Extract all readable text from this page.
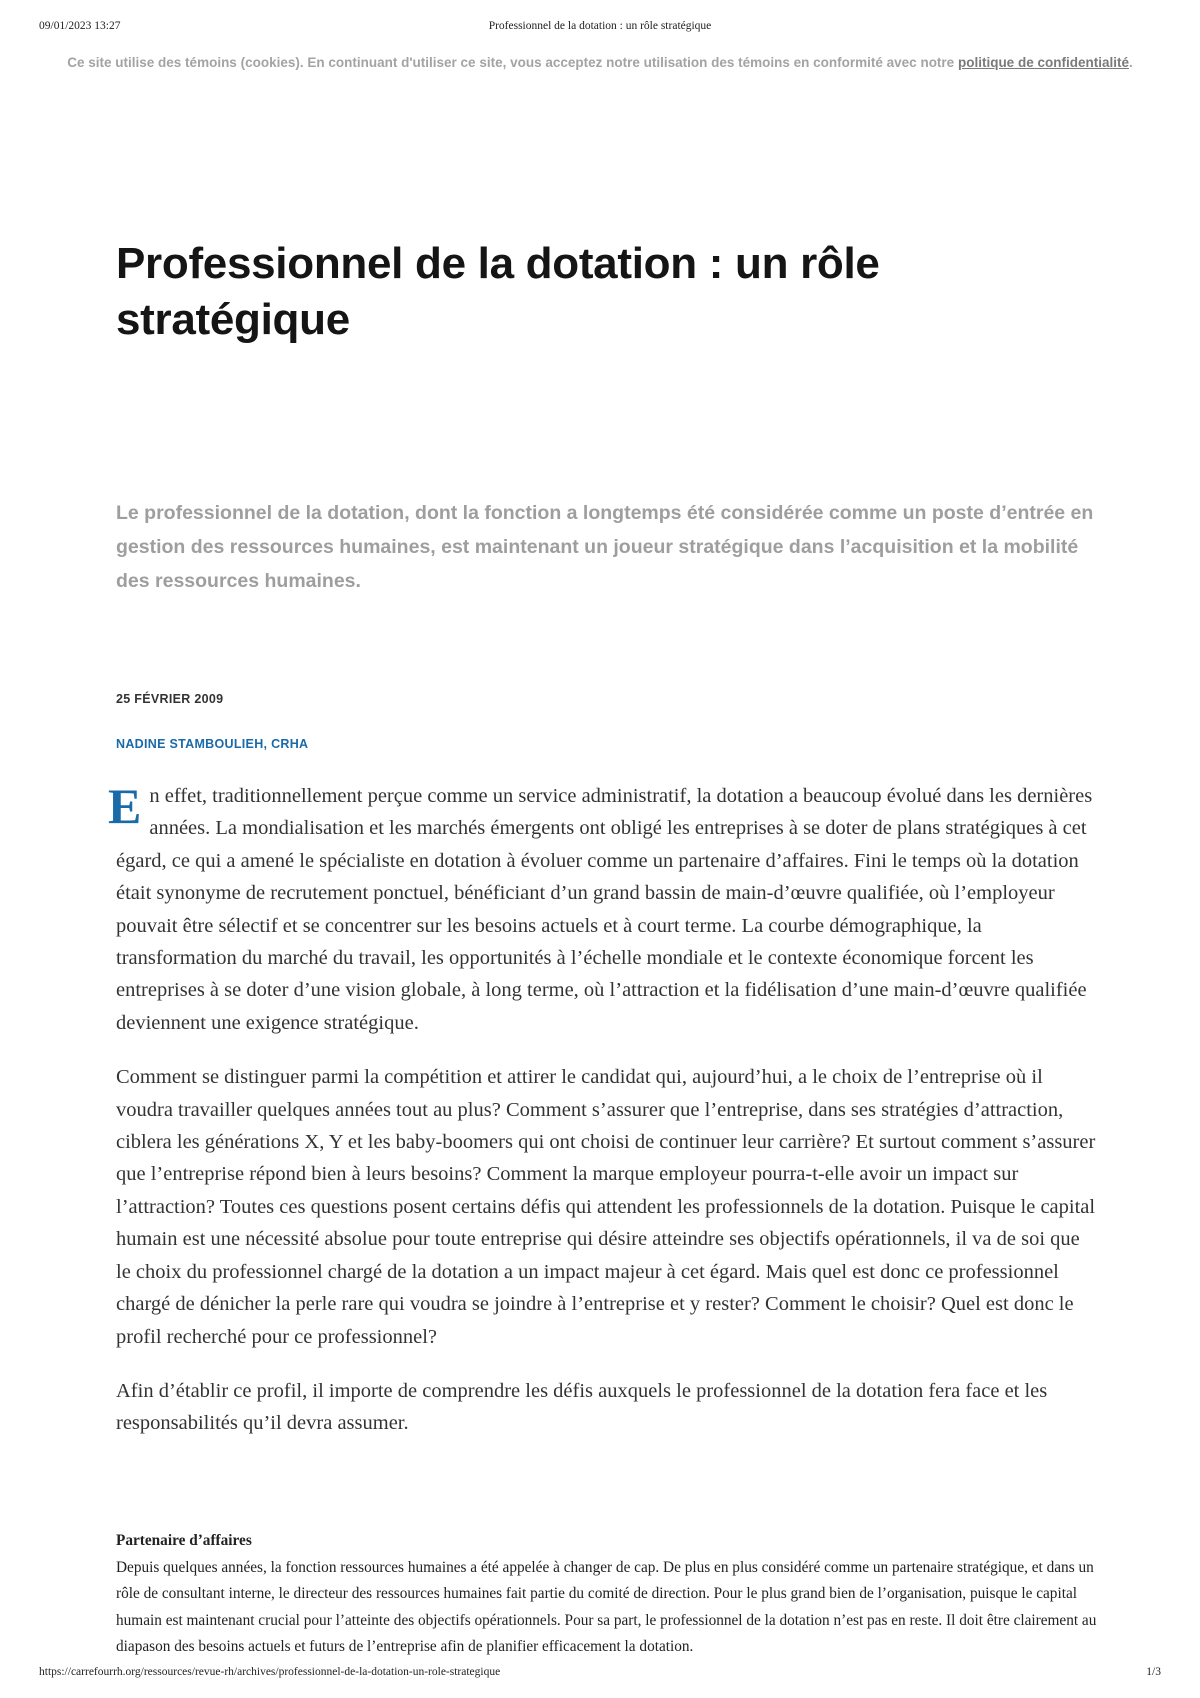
09/01/2023 13:27	Professionnel de la dotation : un rôle stratégique
Ce site utilise des témoins (cookies). En continuant d'utiliser ce site, vous acceptez notre utilisation des témoins en conformité avec notre politique de confidentialité.
Professionnel de la dotation : un rôle stratégique

Le professionnel de la dotation, dont la fonction a longtemps été considérée comme un poste d’entrée en gestion des ressources humaines, est maintenant un joueur stratégique dans l’acquisition et la mobilité des ressources humaines.

25 FÉVRIER 2009
NADINE STAMBOULIEH, CRHA

En effet, traditionnellement perçue comme un service administratif, la dotation a beaucoup évolué dans les dernières années. La mondialisation et les marchés émergents ont obligé les entreprises à se doter de plans stratégiques à cet égard, ce qui a amené le spécialiste en dotation à évoluer comme un partenaire d’affaires. Fini le temps où la dotation était synonyme de recrutement ponctuel, bénéficiant d’un grand bassin de main-d’œuvre qualifiée, où l’employeur pouvait être sélectif et se concentrer sur les besoins actuels et à court terme. La courbe démographique, la transformation du marché du travail, les opportunités à l’échelle mondiale et le contexte économique forcent les entreprises à se doter d’une vision globale, à long terme, où l’attraction et la fidélisation d’une main-d’œuvre qualifiée deviennent une exigence stratégique.

Comment se distinguer parmi la compétition et attirer le candidat qui, aujourd’hui, a le choix de l’entreprise où il voudra travailler quelques années tout au plus? Comment s’assurer que l’entreprise, dans ses stratégies d’attraction, ciblera les générations X, Y et les baby-boomers qui ont choisi de continuer leur carrière? Et surtout comment s’assurer que l’entreprise répond bien à leurs besoins? Comment la marque employeur pourra-t-elle avoir un impact sur l’attraction? Toutes ces questions posent certains défis qui attendent les professionnels de la dotation. Puisque le capital humain est une nécessité absolue pour toute entreprise qui désire atteindre ses objectifs opérationnels, il va de soi que le choix du professionnel chargé de la dotation a un impact majeur à cet égard. Mais quel est donc ce professionnel chargé de dénicher la perle rare qui voudra se joindre à l’entreprise et y rester? Comment le choisir? Quel est donc le profil recherché pour ce professionnel?

Afin d’établir ce profil, il importe de comprendre les défis auxquels le professionnel de la dotation fera face et les responsabilités qu’il devra assumer.

Partenaire d’affaires

Depuis quelques années, la fonction ressources humaines a été appelée à changer de cap. De plus en plus considéré comme un partenaire stratégique, et dans un rôle de consultant interne, le directeur des ressources humaines fait partie du comité de direction. Pour le plus grand bien de l’organisation, puisque le capital humain est maintenant crucial pour l’atteinte des objectifs opérationnels. Pour sa part, le professionnel de la dotation n’est pas en reste. Il doit être clairement au diapason des besoins actuels et futurs de l’entreprise afin de planifier efficacement la dotation.

https://carrefourrh.org/ressources/revue-rh/archives/professionnel-de-la-dotation-un-role-strategique	1/3
